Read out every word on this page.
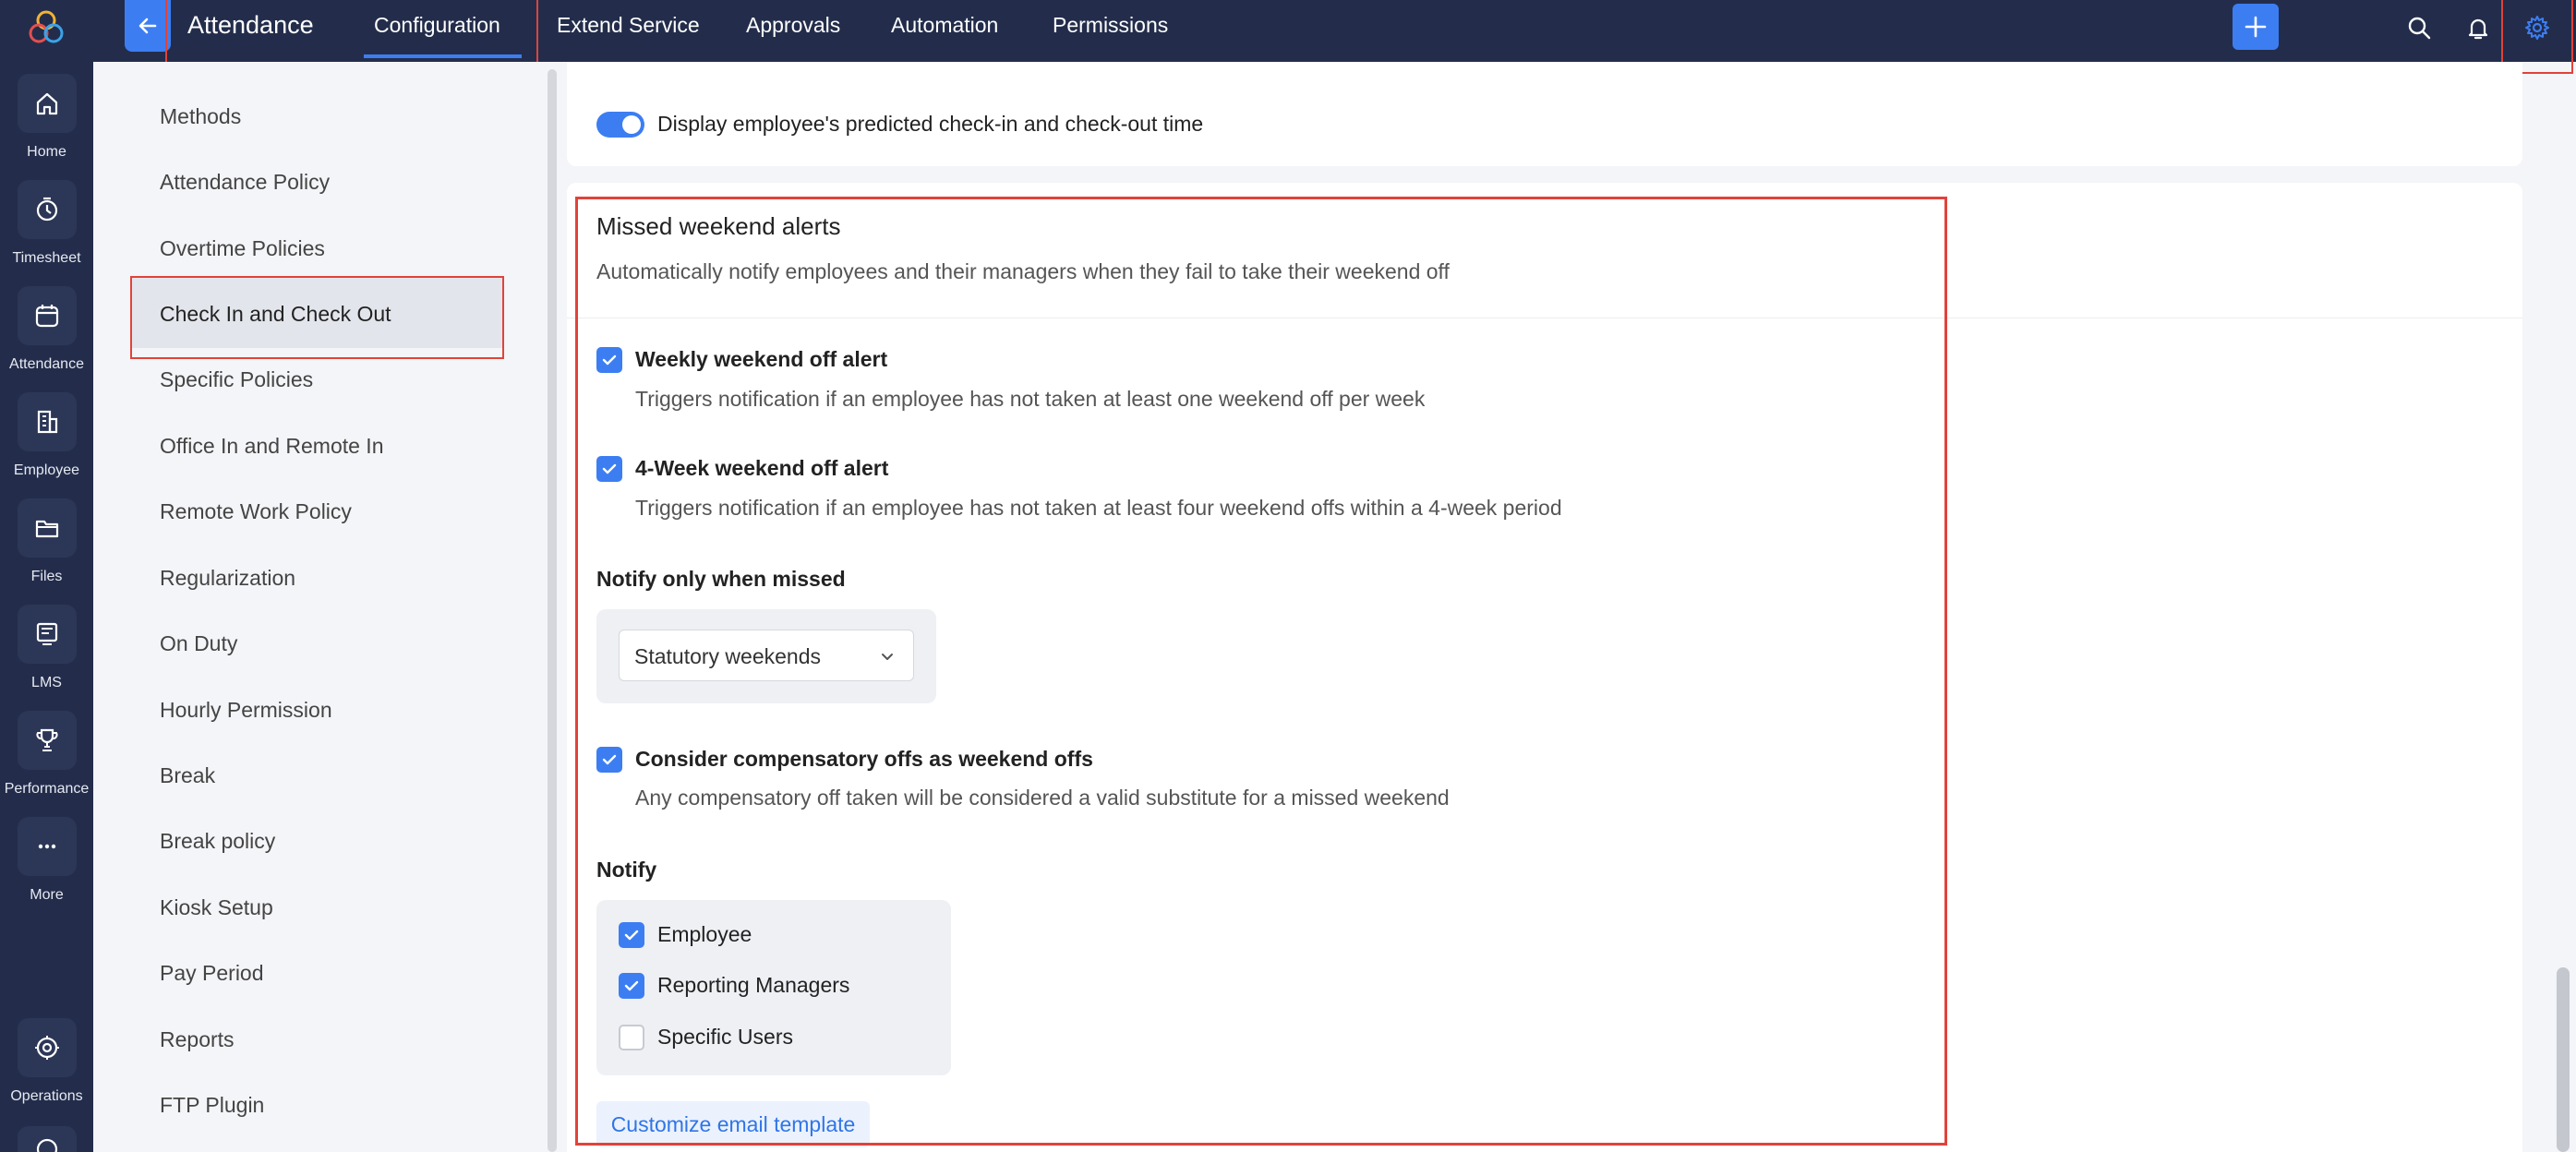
Home
Timesheet
Attendance
Employee
Files
LMS
Performance
More
Operations
Attendance	Configuration	Extend Service Approvals Automation	Permissions
Methods
Attendance Policy
Overtime Policies
Check In and Check Out
Specific Policies
Office In and Remote In
Remote Work Policy
Regularization
On Duty
Hourly Permission
Break
Break policy
Kiosk Setup
Pay Period
Reports
FTP Plugin
Display employee's predicted check-in and check-out time
Missed weekend alerts
Automatically notify employees and their managers when they fail to take their weekend off
Weekly weekend off alert
Triggers notification if an employee has not taken at least one weekend off per week
4-Week weekend off alert
Triggers notification if an employee has not taken at least four weekend offs within a 4-week period
Notify only when missed
Statutory weekends
Consider compensatory offs as weekend offs
Any compensatory off taken will be considered a valid substitute for a missed weekend
Notify
Employee
Reporting Managers
Specific Users
Customize email template
